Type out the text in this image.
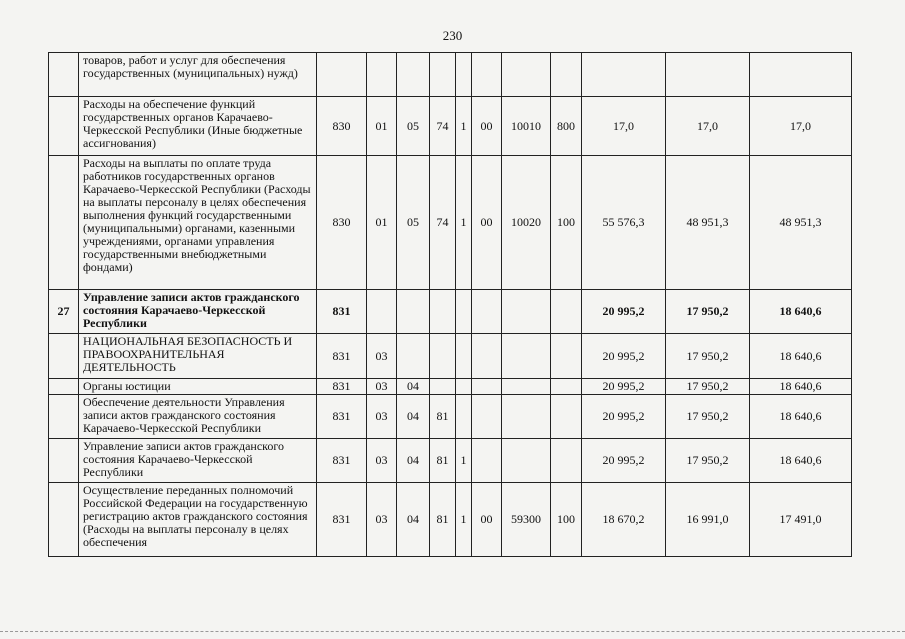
230
	товаров, работ и услуг для обеспечения государственных (муниципальных) нужд)											
	Расходы на обеспечение функций государственных органов Карачаево-Черкесской Республики (Иные бюджетные ассигнования)	830	01	05	74	1	00	10010	800	17,0	17,0	17,0
	Расходы на выплаты по оплате труда работников государственных органов Карачаево-Черкесской Республики (Расходы на выплаты персоналу в целях обеспечения выполнения функций государственными (муниципальными) органами, казенными учреждениями, органами управления государственными внебюджетными фондами)	830	01	05	74	1	00	10020	100	55 576,3	48 951,3	48 951,3
27	Управление записи актов гражданского состояния Карачаево-Черкесской Республики	831								20 995,2	17 950,2	18 640,6
	НАЦИОНАЛЬНАЯ БЕЗОПАСНОСТЬ И ПРАВООХРАНИТЕЛЬНАЯ ДЕЯТЕЛЬНОСТЬ	831	03							20 995,2	17 950,2	18 640,6
	Органы юстиции	831	03	04						20 995,2	17 950,2	18 640,6
	Обеспечение деятельности Управления записи актов гражданского состояния Карачаево-Черкесской Республики	831	03	04	81					20 995,2	17 950,2	18 640,6
	Управление записи актов гражданского состояния Карачаево-Черкесской Республики	831	03	04	81	1				20 995,2	17 950,2	18 640,6
	Осуществление переданных полномочий Российской Федерации на государственную регистрацию актов гражданского состояния (Расходы на выплаты персоналу в целях обеспечения	831	03	04	81	1	00	59300	100	18 670,2	16 991,0	17 491,0
